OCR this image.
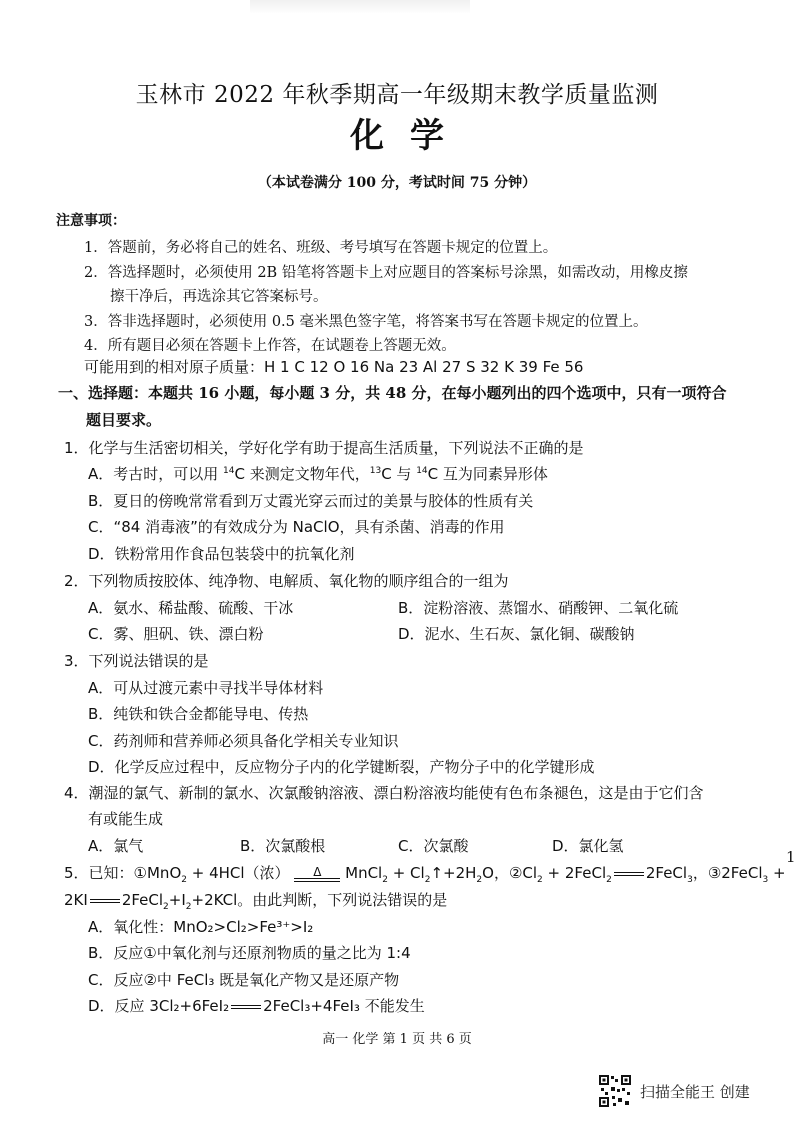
玉林市 2022 年秋季期高一年级期末教学质量监测
化学
（本试卷满分 100 分，考试时间 75 分钟）
注意事项：
1．答题前，务必将自己的姓名、班级、考号填写在答题卡规定的位置上。
2．答选择题时，必须使用 2B 铅笔将答题卡上对应题目的答案标号涂黑，如需改动，用橡皮擦
擦干净后，再选涂其它答案标号。
3．答非选择题时，必须使用 0.5 毫米黑色签字笔，将答案书写在答题卡规定的位置上。
4．所有题目必须在答题卡上作答，在试题卷上答题无效。
可能用到的相对原子质量：H 1 C 12 O 16 Na 23 Al 27 S 32 K 39 Fe 56
一、选择题：本题共 16 小题，每小题 3 分，共 48 分，在每小题列出的四个选项中，只有一项符合
题目要求。
1．化学与生活密切相关，学好化学有助于提高生活质量，下列说法不正确的是
A．考古时，可以用 $^{14}$C 来测定文物年代，$^{13}$C 与 $^{14}$C 互为同素异形体
B．夏日的傍晚常常看到万丈霞光穿云而过的美景与胶体的性质有关
C．“84 消毒液”的有效成分为 NaClO，具有杀菌、消毒的作用
D．铁粉常用作食品包装袋中的抗氧化剂
2．下列物质按胶体、纯净物、电解质、氧化物的顺序组合的一组为
A．氨水、稀盐酸、硫酸、干冰	B．淀粉溶液、蒸馏水、硝酸钾、二氧化硫
C．雾、胆矾、铁、漂白粉	D．泥水、生石灰、氯化铜、碳酸钠
3．下列说法错误的是
A．可从过渡元素中寻找半导体材料
B．纯铁和铁合金都能导电、传热
C．药剂师和营养师必须具备化学相关专业知识
D．化学反应过程中，反应物分子内的化学键断裂，产物分子中的化学键形成
4．潮湿的氯气、新制的氯水、次氯酸钠溶液、漂白粉溶液均能使有色布条褪色，这是由于它们含
有或能生成
A．氯气	B．次氯酸根	C．次氯酸	D．氯化氢
5．已知：①MnO$_2$ + 4HCl（浓）	Δ	MnCl$_2$ + $Cl_2↑+2H_2O$，$②Cl_2$ + 2FeCl$_2$ 2FeCl$_3$，③2FeCl$_3$ +
2KI $2FeCl_2+I_2+2KCl$。由此判断，下列说法错误的是
A．氧化性：MnO₂>Cl₂>Fe³⁺>I₂
B．反应①中氧化剂与还原剂物质的量之比为 1:4
C．反应②中 FeCl₃ 既是氧化产物又是还原产物
D．反应 3Cl₂+6FeI₂ 2FeCl₃+4FeI₃ 不能发生
1
高一 化学 第 1 页 共 6 页
扫描全能王 创建
